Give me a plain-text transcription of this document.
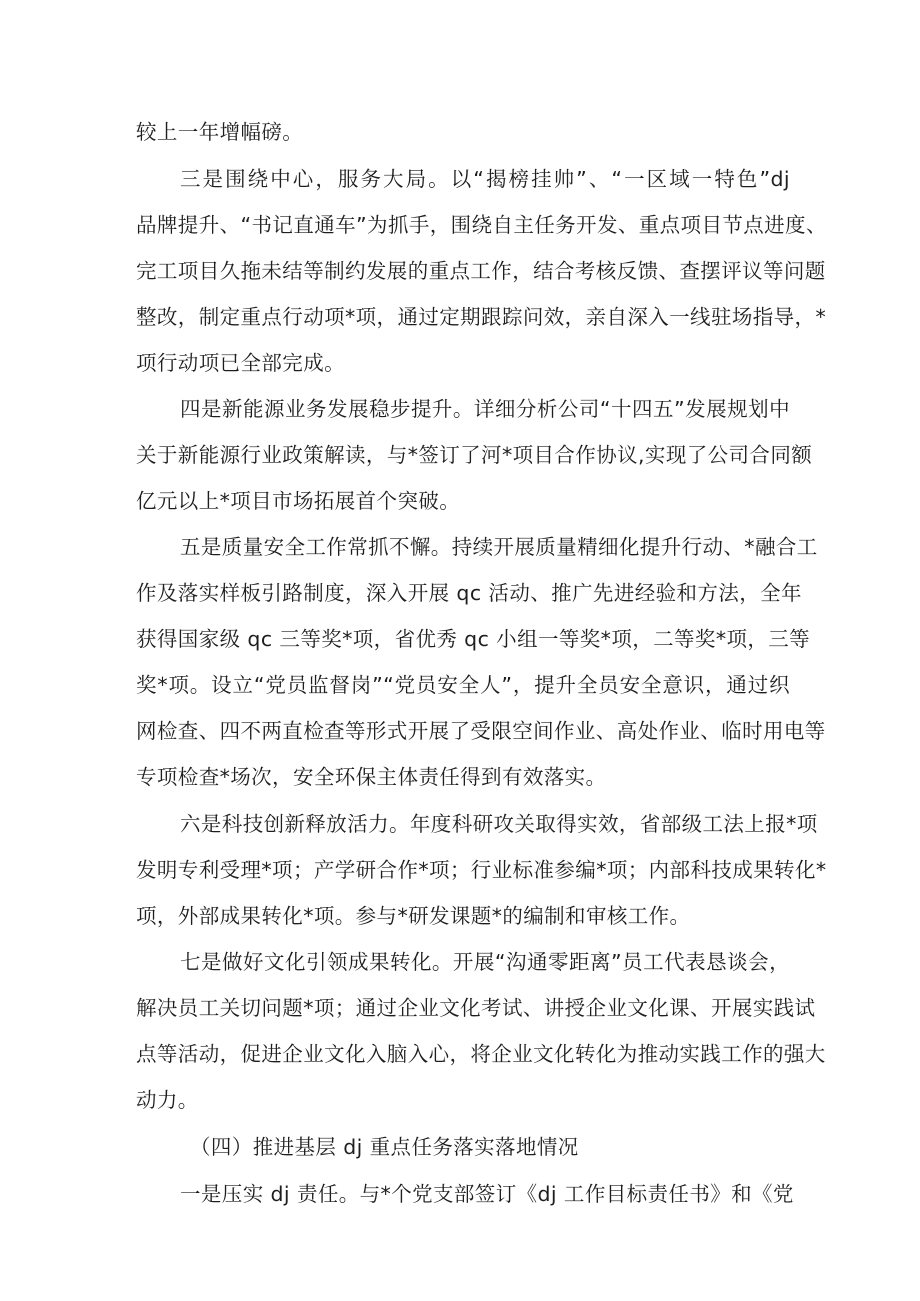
较上一年增幅磅。
三是围绕中心，服务大局。以“揭榜挂帅”、“一区域一特色”dj
品牌提升、“书记直通车”为抓手，围绕自主任务开发、重点项目节点进度、
完工项目久拖未结等制约发展的重点工作，结合考核反馈、查摆评议等问题
整改，制定重点行动项*项，通过定期跟踪问效，亲自深入一线驻场指导，*
项行动项已全部完成。
四是新能源业务发展稳步提升。详细分析公司“十四五”发展规划中
关于新能源行业政策解读，与*签订了河*项目合作协议,实现了公司合同额
亿元以上*项目市场拓展首个突破。
五是质量安全工作常抓不懈。持续开展质量精细化提升行动、*融合工
作及落实样板引路制度，深入开展 qc 活动、推广先进经验和方法，全年
获得国家级 qc 三等奖*项，省优秀 qc 小组一等奖*项，二等奖*项，三等
奖*项。设立“党员监督岗”“党员安全人”，提升全员安全意识，通过织
网检查、四不两直检查等形式开展了受限空间作业、高处作业、临时用电等
专项检查*场次，安全环保主体责任得到有效落实。
六是科技创新释放活力。年度科研攻关取得实效，省部级工法上报*项
发明专利受理*项；产学研合作*项；行业标准参编*项；内部科技成果转化*
项，外部成果转化*项。参与*研发课题*的编制和审核工作。
七是做好文化引领成果转化。开展“沟通零距离”员工代表恳谈会，
解决员工关切问题*项；通过企业文化考试、讲授企业文化课、开展实践试
点等活动，促进企业文化入脑入心，将企业文化转化为推动实践工作的强大
动力。
（四）推进基层 dj 重点任务落实落地情况
一是压实 dj 责任。与*个党支部签订《dj 工作目标责任书》和《党
